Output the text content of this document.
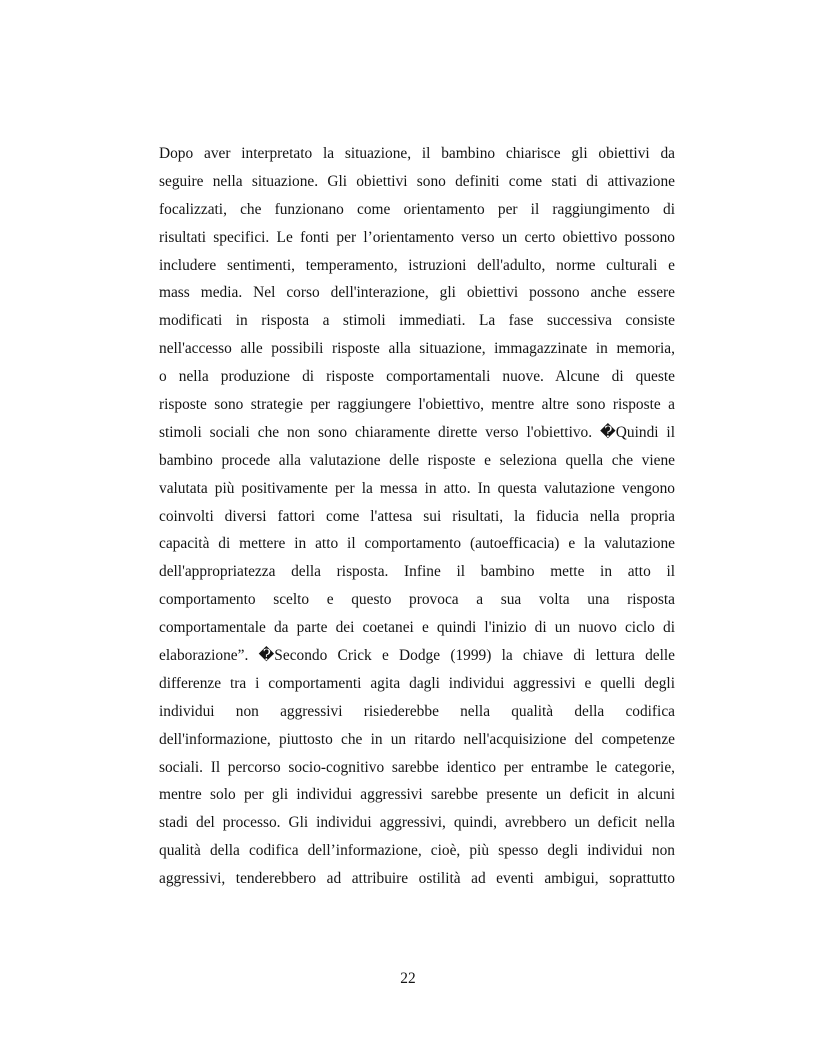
Dopo aver interpretato la situazione, il bambino chiarisce gli obiettivi da
seguire nella situazione. Gli obiettivi sono definiti come stati di attivazione
focalizzati, che funzionano come orientamento per il raggiungimento di
risultati specifici. Le fonti per l’orientamento verso un certo obiettivo possono
includere sentimenti, temperamento, istruzioni dell'adulto, norme culturali e
mass media. Nel corso dell'interazione, gli obiettivi possono anche essere
modificati in risposta a stimoli immediati. La fase successiva consiste
nell'accesso alle possibili risposte alla situazione, immagazzinate in memoria,
o nella produzione di risposte comportamentali nuove. Alcune di queste
risposte sono strategie per raggiungere l'obiettivo, mentre altre sono risposte a
stimoli sociali che non sono chiaramente dirette verso l'obiettivo. �Quindi il
bambino procede alla valutazione delle risposte e seleziona quella che viene
valutata più positivamente per la messa in atto. In questa valutazione vengono
coinvolti diversi fattori come l'attesa sui risultati, la fiducia nella propria
capacità di mettere in atto il comportamento (autoefficacia) e la valutazione
dell'appropriatezza della risposta. Infine il bambino mette in atto il
comportamento scelto e questo provoca a sua volta una risposta
comportamentale da parte dei coetanei e quindi l'inizio di un nuovo ciclo di
elaborazione”. �Secondo Crick e Dodge (1999) la chiave di lettura delle
differenze tra i comportamenti agita dagli individui aggressivi e quelli degli
individui non aggressivi risiederebbe nella qualità della codifica
dell'informazione, piuttosto che in un ritardo nell'acquisizione del competenze
sociali. Il percorso socio-cognitivo sarebbe identico per entrambe le categorie,
mentre solo per gli individui aggressivi sarebbe presente un deficit in alcuni
stadi del processo. Gli individui aggressivi, quindi, avrebbero un deficit nella
qualità della codifica dell’informazione, cioè, più spesso degli individui non
aggressivi, tenderebbero ad attribuire ostilità ad eventi ambigui, soprattutto
22
